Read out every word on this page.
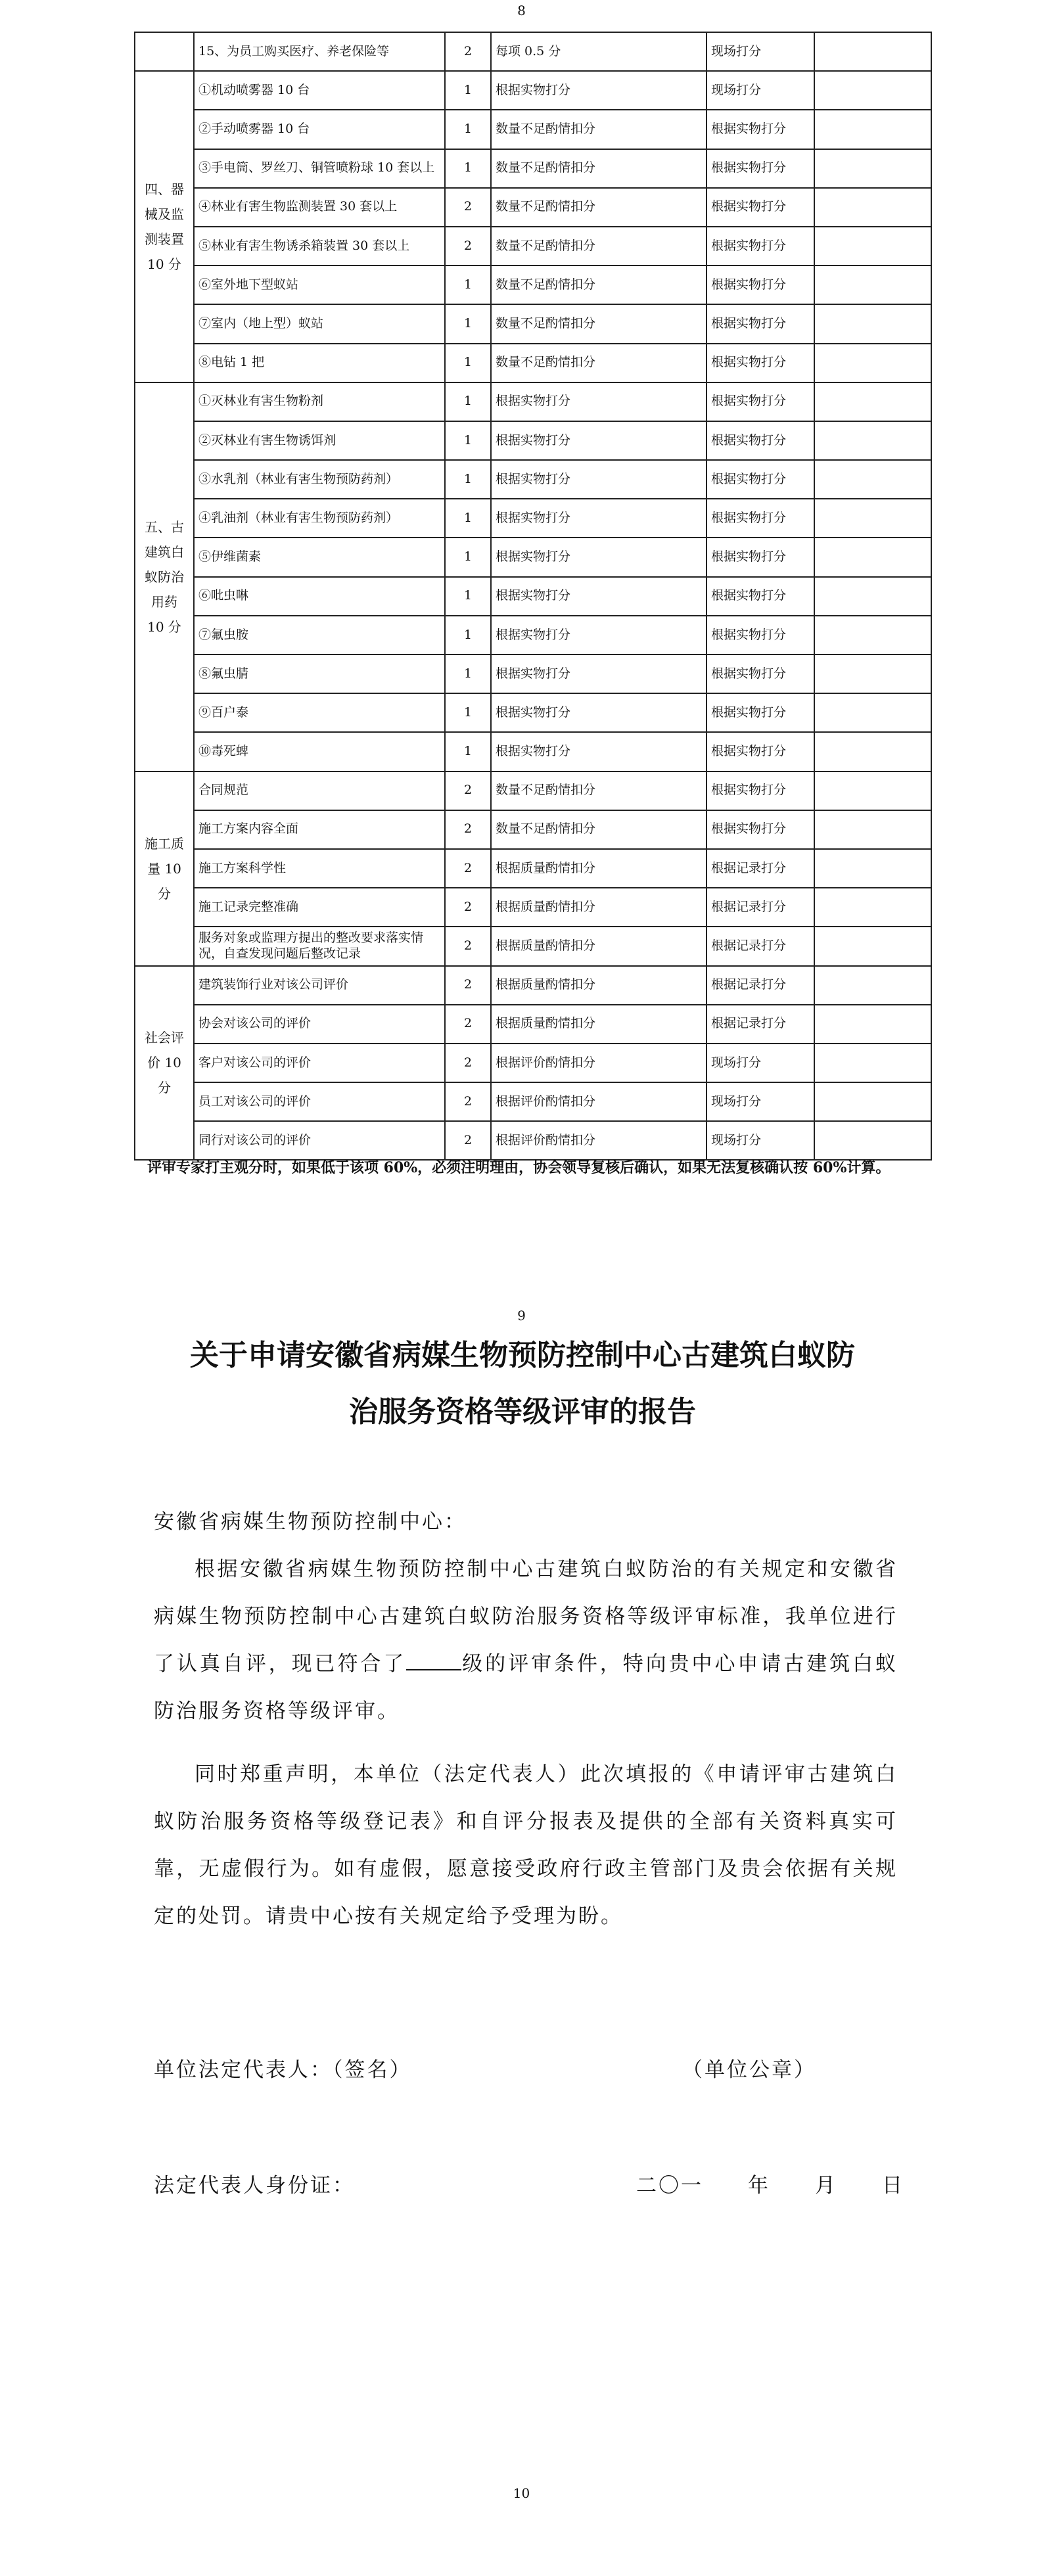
8
	15、为员工购买医疗、养老保险等	2	每项 0.5 分	现场打分	
四、器械及监测装置 10 分	①机动喷雾器 10 台	1	根据实物打分	现场打分	
	②手动喷雾器 10 台	1	数量不足酌情扣分	根据实物打分	
	③手电筒、罗丝刀、铜管喷粉球 10 套以上	1	数量不足酌情扣分	根据实物打分	
	④林业有害生物监测装置 30 套以上	2	数量不足酌情扣分	根据实物打分	
	⑤林业有害生物诱杀箱装置 30 套以上	2	数量不足酌情扣分	根据实物打分	
	⑥室外地下型蚁站	1	数量不足酌情扣分	根据实物打分	
	⑦室内（地上型）蚁站	1	数量不足酌情扣分	根据实物打分	
	⑧电钻 1 把	1	数量不足酌情扣分	根据实物打分	
五、古建筑白蚁防治用药 10 分	①灭林业有害生物粉剂	1	根据实物打分	根据实物打分	
	②灭林业有害生物诱饵剂	1	根据实物打分	根据实物打分	
	③水乳剂（林业有害生物预防药剂）	1	根据实物打分	根据实物打分	
	④乳油剂（林业有害生物预防药剂）	1	根据实物打分	根据实物打分	
	⑤伊维菌素	1	根据实物打分	根据实物打分	
	⑥吡虫啉	1	根据实物打分	根据实物打分	
	⑦氟虫胺	1	根据实物打分	根据实物打分	
	⑧氟虫腈	1	根据实物打分	根据实物打分	
	⑨百户泰	1	根据实物打分	根据实物打分	
	⑩毒死蜱	1	根据实物打分	根据实物打分	
施工质量 10 分	合同规范	2	数量不足酌情扣分	根据实物打分	
	施工方案内容全面	2	数量不足酌情扣分	根据实物打分	
	施工方案科学性	2	根据质量酌情扣分	根据记录打分	
	施工记录完整准确	2	根据质量酌情扣分	根据记录打分	
	服务对象或监理方提出的整改要求落实情况，自查发现问题后整改记录	2	根据质量酌情扣分	根据记录打分	
社会评价 10 分	建筑装饰行业对该公司评价	2	根据质量酌情扣分	根据记录打分	
	协会对该公司的评价	2	根据质量酌情扣分	根据记录打分	
	客户对该公司的评价	2	根据评价酌情扣分	现场打分	
	员工对该公司的评价	2	根据评价酌情扣分	现场打分	
	同行对该公司的评价	2	根据评价酌情扣分	现场打分	

评审专家打主观分时，如果低于该项 60%，必须注明理由，协会领导复核后确认，如果无法复核确认按 60%计算。

9
关于申请安徽省病媒生物预防控制中心古建筑白蚁防
治服务资格等级评审的报告

安徽省病媒生物预防控制中心：

根据安徽省病媒生物预防控制中心古建筑白蚁防治的有关规定和安徽省病媒生物预防控制中心古建筑白蚁防治服务资格等级评审标准，我单位进行了认真自评，现已符合了	级的评审条件，特向贵中心申请古建筑白蚁防治服务资格等级评审。

同时郑重声明，本单位（法定代表人）此次填报的《申请评审古建筑白蚁防治服务资格等级登记表》和自评分报表及提供的全部有关资料真实可靠，无虚假行为。如有虚假，愿意接受政府行政主管部门及贵会依据有关规定的处罚。请贵中心按有关规定给予受理为盼。

单位法定代表人：（签名）	（单位公章）
法定代表人身份证：	二〇一　　年　　月　　日
10
